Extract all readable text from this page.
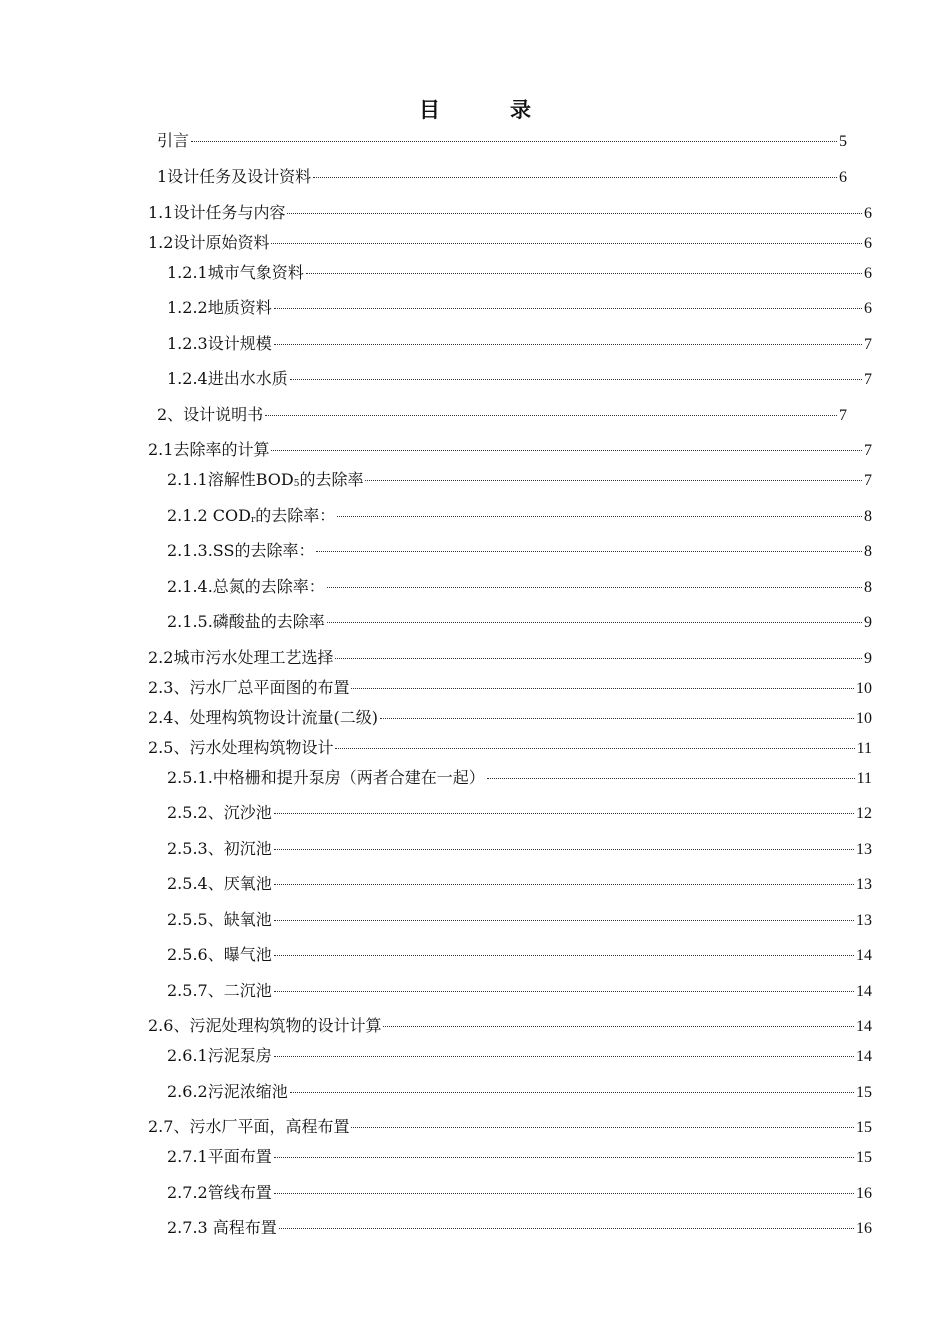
目	录
引言	5
1设计任务及设计资料	6
1.1设计任务与内容	6
1.2设计原始资料	6
1.2.1城市气象资料	6
1.2.2地质资料	6
1.2.3设计规模	7
1.2.4进出水水质	7
2、设计说明书	7
2.1去除率的计算	7
2.1.1溶解性$BOD_5$的去除率	7
2.1.2 $COD_r$的去除率：	8
2.1.3.SS的去除率：	8
2.1.4.总氮的去除率：	8
2.1.5.磷酸盐的去除率	9
2.2城市污水处理工艺选择	9
2.3、污水厂总平面图的布置	10
2.4、处理构筑物设计流量(二级)	10
2.5、污水处理构筑物设计	11
2.5.1.中格栅和提升泵房（两者合建在一起）	11
2.5.2、沉沙池	12
2.5.3、初沉池	13
2.5.4、厌氧池	13
2.5.5、缺氧池	13
2.5.6、曝气池	14
2.5.7、二沉池	14
2.6、污泥处理构筑物的设计计算	14
2.6.1污泥泵房	14
2.6.2污泥浓缩池	15
2.7、污水厂平面，高程布置	15
2.7.1平面布置	15
2.7.2管线布置	16
2.7.3 高程布置	16
